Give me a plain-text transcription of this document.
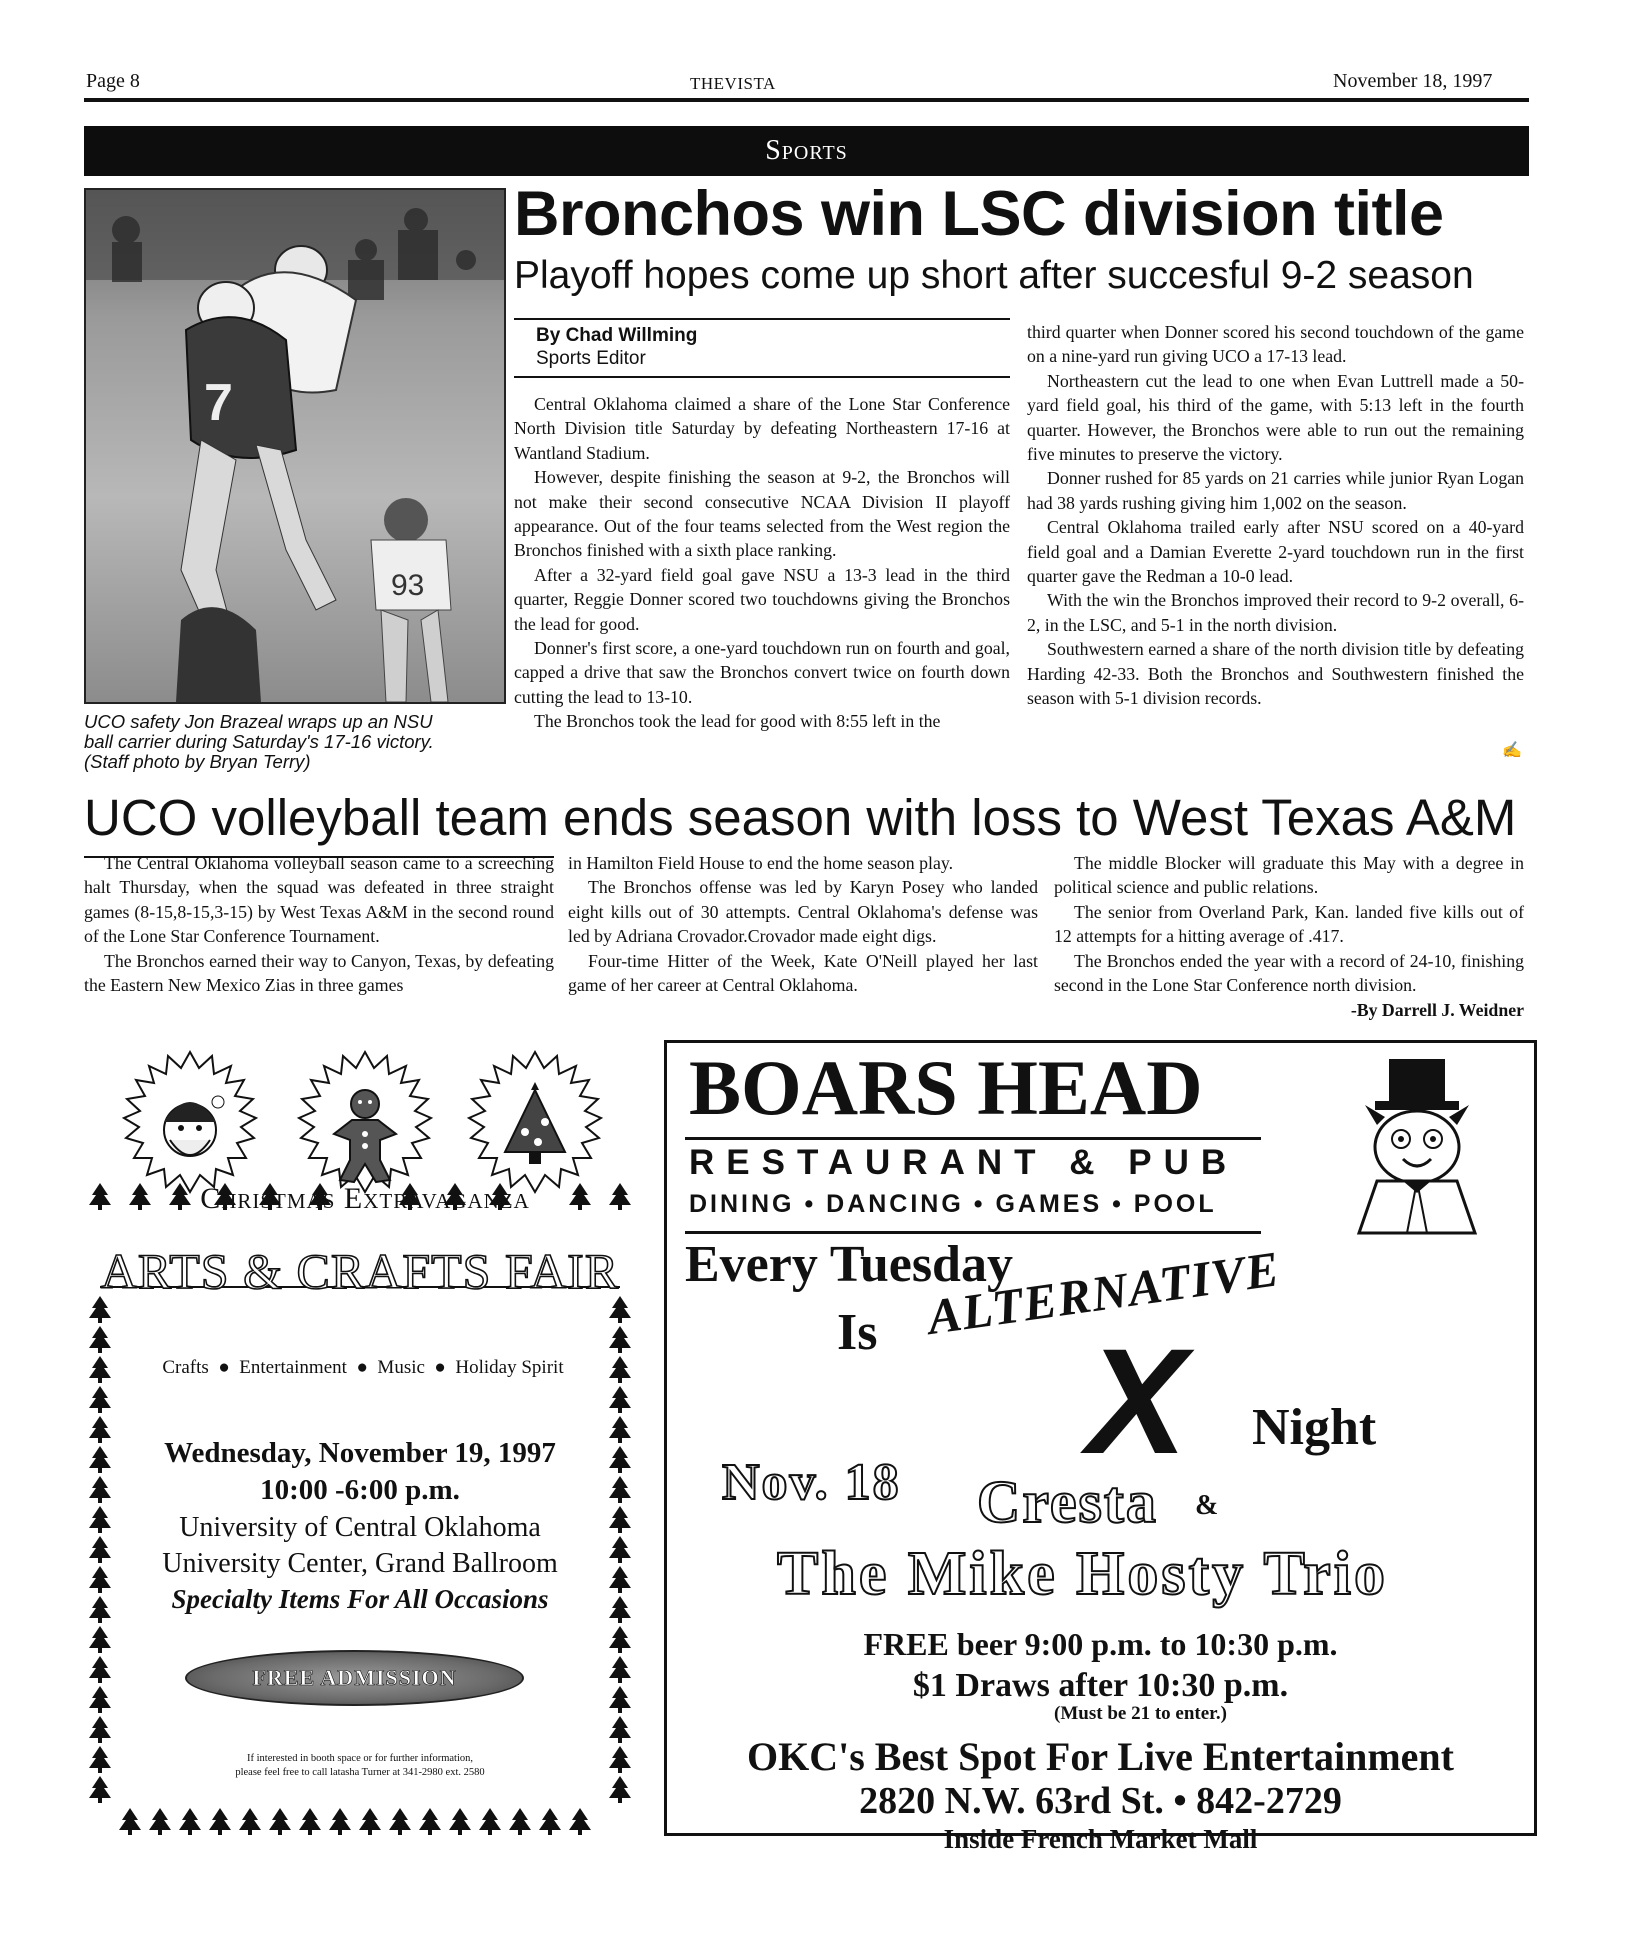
Page 8	THEVISTA	November 18, 1997
Sports
7
93
UCO safety Jon Brazeal wraps up an NSU
ball carrier during Saturday's 17-16 victory.
(Staff photo by Bryan Terry)
Bronchos win LSC division title
Playoff hopes come up short after succesful 9-2 season
By Chad Willming
Sports Editor

Central Oklahoma claimed a share of the Lone Star Conference North Division title Saturday by defeating Northeastern 17-16 at Wantland Stadium.

However, despite finishing the season at 9-2, the Bronchos will not make their second consecutive NCAA Division II playoff appearance. Out of the four teams selected from the West region the Bronchos finished with a sixth place ranking.

After a 32-yard field goal gave NSU a 13-3 lead in the third quarter, Reggie Donner scored two touchdowns giving the Bronchos the lead for good.

Donner's first score, a one-yard touchdown run on fourth and goal, capped a drive that saw the Bronchos convert twice on fourth down cutting the lead to 13-10.

The Bronchos took the lead for good with 8:55 left in the

third quarter when Donner scored his second touchdown of the game on a nine-yard run giving UCO a 17-13 lead.

Northeastern cut the lead to one when Evan Luttrell made a 50-yard field goal, his third of the game, with 5:13 left in the fourth quarter. However, the Bronchos were able to run out the remaining five minutes to preserve the victory.

Donner rushed for 85 yards on 21 carries while junior Ryan Logan had 38 yards rushing giving him 1,002 on the season.

Central Oklahoma trailed early after NSU scored on a 40-yard field goal and a Damian Everette 2-yard touchdown run in the first quarter gave the Redman a 10-0 lead.

With the win the Bronchos improved their record to 9-2 overall, 6-2, in the LSC, and 5-1 in the north division.

Southwestern earned a share of the north division title by defeating Harding 42-33. Both the Bronchos and Southwestern finished the season with 5-1 division records.

✍
UCO volleyball team ends season with loss to West Texas A&M

The Central Oklahoma volleyball season came to a screeching halt Thursday, when the squad was defeated in three straight games (8-15,8-15,3-15) by West Texas A&M in the second round of the Lone Star Conference Tournament.

The Bronchos earned their way to Canyon, Texas, by defeating the Eastern New Mexico Zias in three games

in Hamilton Field House to end the home season play.

The Bronchos offense was led by Karyn Posey who landed eight kills out of 30 attempts. Central Oklahoma's defense was led by Adriana Crovador.Crovador made eight digs.

Four-time Hitter of the Week, Kate O'Neill played her last game of her career at Central Oklahoma.

The middle Blocker will graduate this May with a degree in political science and public relations.

The senior from Overland Park, Kan. landed five kills out of 12 attempts for a hitting average of .417.

The Bronchos ended the year with a record of 24-10, finishing second in the Lone Star Conference north division.

-By Darrell J. Weidner
Christmas Extravaganza
ARTS & CRAFTS FAIR
Crafts ● Entertainment ● Music ● Holiday Spirit
Wednesday, November 19, 1997
10:00 -6:00 p.m.
University of Central Oklahoma
University Center, Grand Ballroom
Specialty Items For All Occasions
FREE ADMISSION
If interested in booth space or for further information,
please feel free to call latasha Turner at 341-2980 ext. 2580
BOARS HEAD
RESTAURANT & PUB
DINING • DANCING • GAMES • POOL
Every Tuesday
Is ALTERNATIVE
X Night
Nov. 18 Cresta &
The Mike Hosty Trio
FREE beer 9:00 p.m. to 10:30 p.m.
$1 Draws after 10:30 p.m.
(Must be 21 to enter.)
OKC's Best Spot For Live Entertainment
2820 N.W. 63rd St. • 842-2729
Inside French Market Mall
